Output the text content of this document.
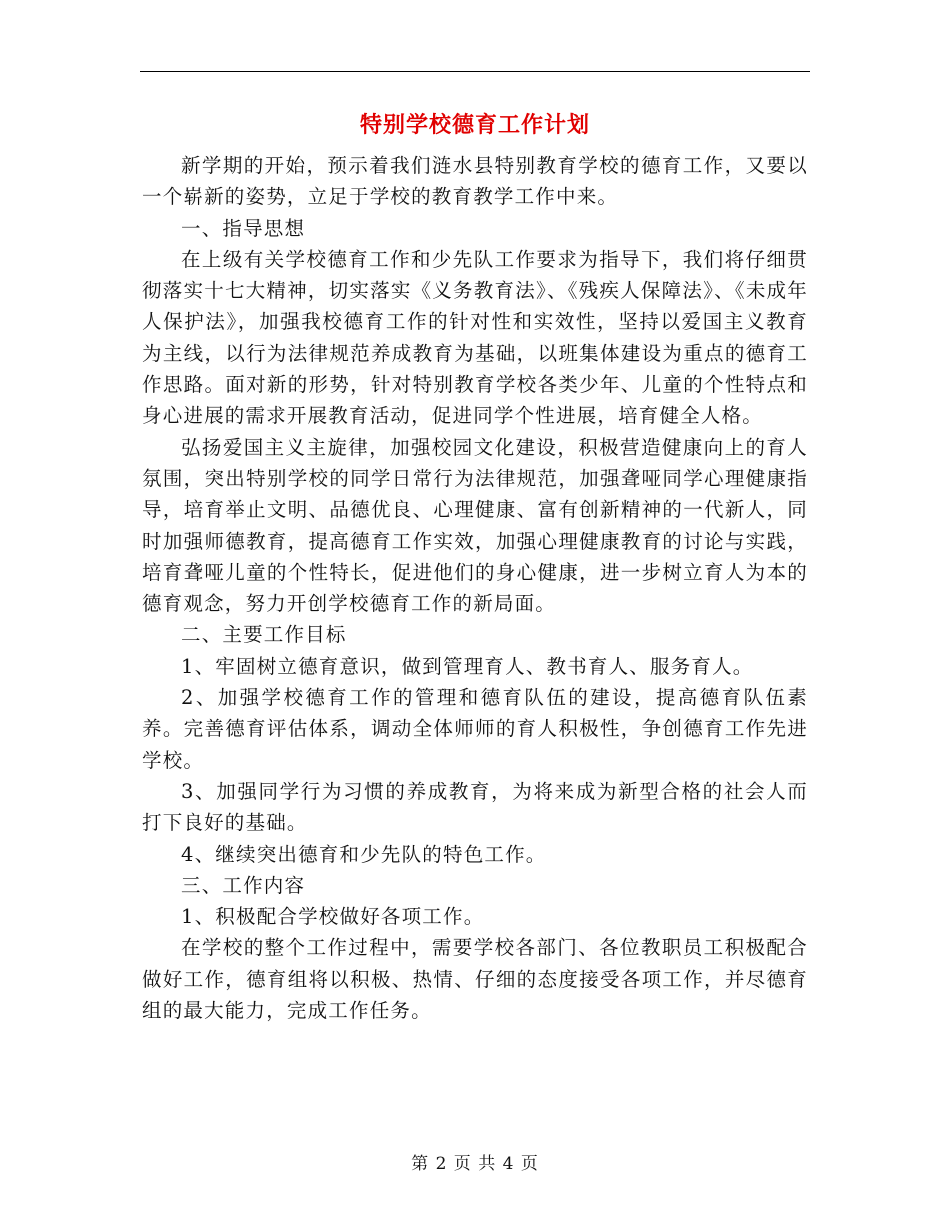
特别学校德育工作计划

新学期的开始，预示着我们涟水县特别教育学校的德育工作，又要以一个崭新的姿势，立足于学校的教育教学工作中来。

一、指导思想

在上级有关学校德育工作和少先队工作要求为指导下，我们将仔细贯彻落实十七大精神，切实落实《义务教育法》、《残疾人保障法》、《未成年人保护法》，加强我校德育工作的针对性和实效性，坚持以爱国主义教育为主线，以行为法律规范养成教育为基础，以班集体建设为重点的德育工作思路。面对新的形势，针对特别教育学校各类少年、儿童的个性特点和身心进展的需求开展教育活动，促进同学个性进展，培育健全人格。

弘扬爱国主义主旋律，加强校园文化建设，积极营造健康向上的育人氛围，突出特别学校的同学日常行为法律规范，加强聋哑同学心理健康指导，培育举止文明、品德优良、心理健康、富有创新精神的一代新人，同时加强师德教育，提高德育工作实效，加强心理健康教育的讨论与实践，培育聋哑儿童的个性特长，促进他们的身心健康，进一步树立育人为本的德育观念，努力开创学校德育工作的新局面。

二、主要工作目标

1、牢固树立德育意识，做到管理育人、教书育人、服务育人。

2、加强学校德育工作的管理和德育队伍的建设，提高德育队伍素养。完善德育评估体系，调动全体师师的育人积极性，争创德育工作先进学校。

3、加强同学行为习惯的养成教育，为将来成为新型合格的社会人而打下良好的基础。

4、继续突出德育和少先队的特色工作。

三、工作内容

1、积极配合学校做好各项工作。

在学校的整个工作过程中，需要学校各部门、各位教职员工积极配合做好工作，德育组将以积极、热情、仔细的态度接受各项工作，并尽德育组的最大能力，完成工作任务。

第 2 页 共 4 页
